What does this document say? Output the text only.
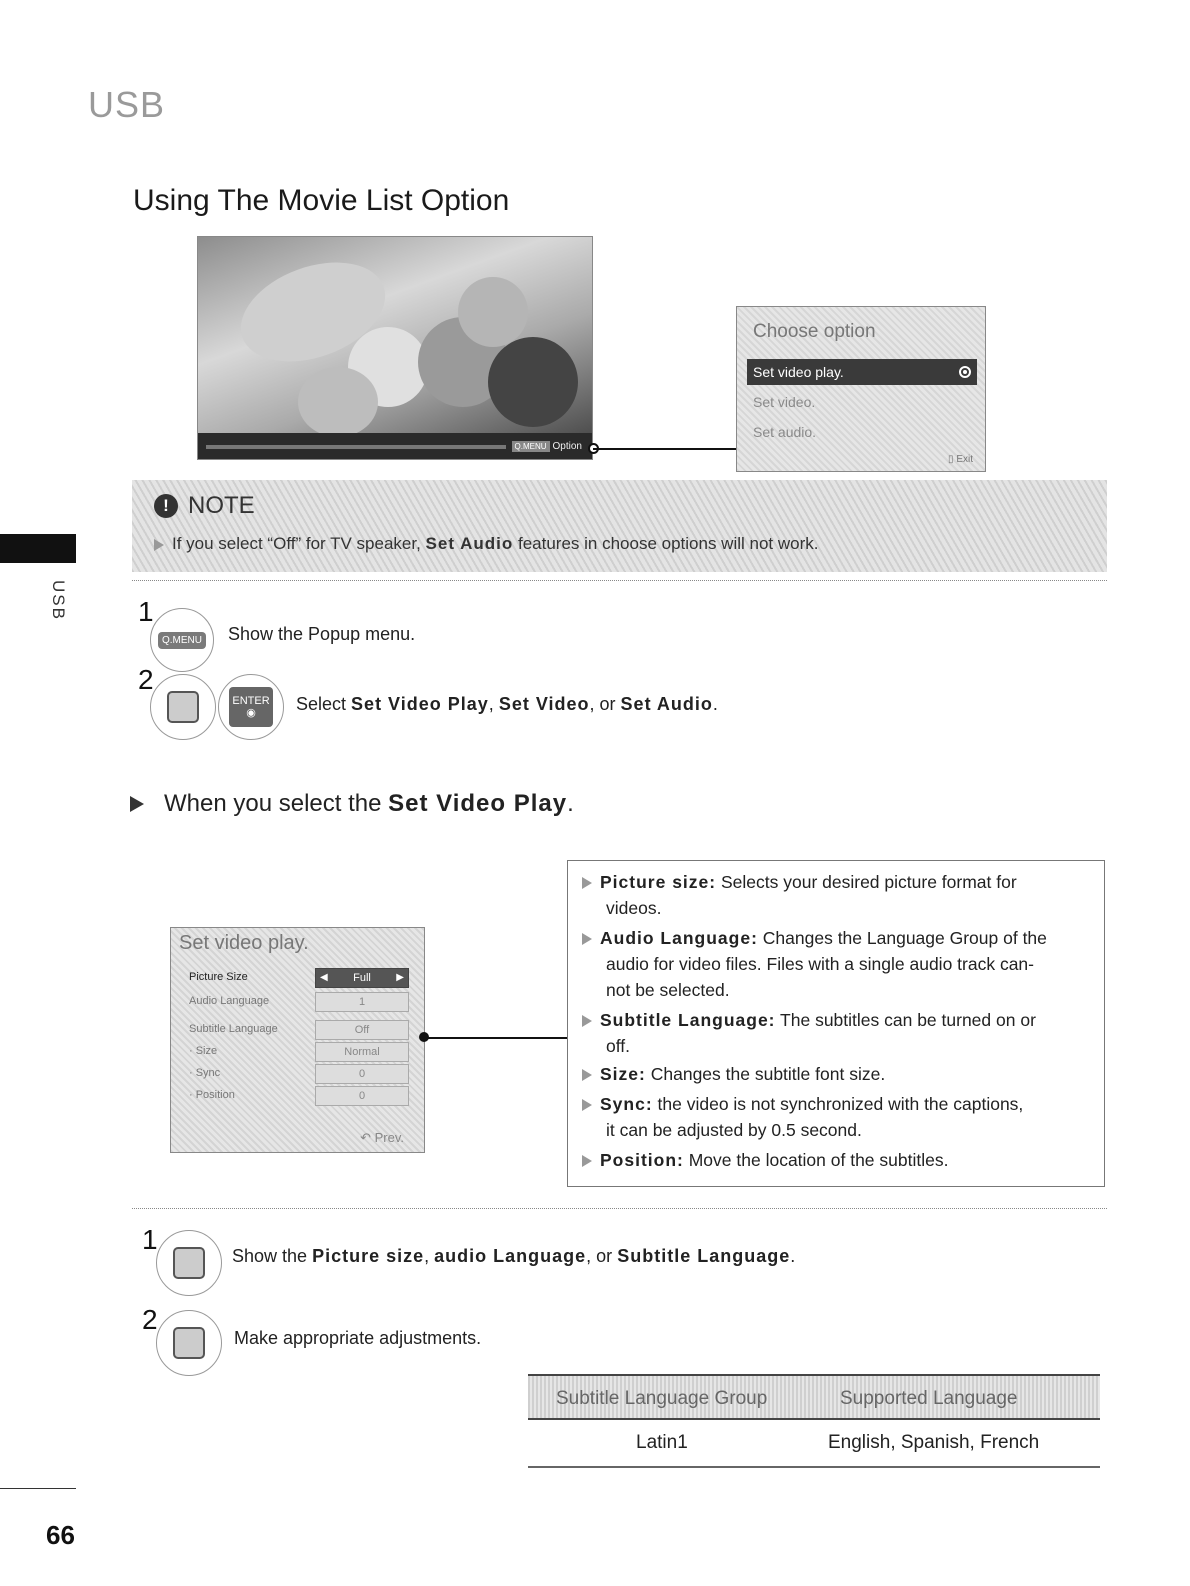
USB
Using The Movie List Option
Q.MENU Option
Choose option
Set video play.
Set video.
Set audio.
▯ Exit
! NOTE
If you select “Off” for TV speaker, Set Audio features in choose options will not work.
USB	1
Q.MENU Show the Popup menu.
2
ENTER
◉	Select Set Video Play, Set Video, or Set Audio.
When you select the
Set Video Play .
Set video play.
Picture Size	◀ Full	▶
Audio Language	1
Subtitle Language	Off
· Size	Normal
· Sync	0
· Position	0
↶ Prev.
Picture size: Selects your desired picture format for
videos.
Audio Language: Changes the Language Group of the
audio for video files. Files with a single audio track can-
not be selected.
Subtitle Language: The subtitles can be turned on or
off.
Size: Changes the subtitle font size.
Sync: the video is not synchronized with the captions,
it can be adjusted by 0.5 second.
Position: Move the location of the subtitles.
1
Show the Picture size, audio Language, or Subtitle Language.
2
Make appropriate adjustments.
Subtitle Language Group	Supported Language
Latin1	English, Spanish, French
66
